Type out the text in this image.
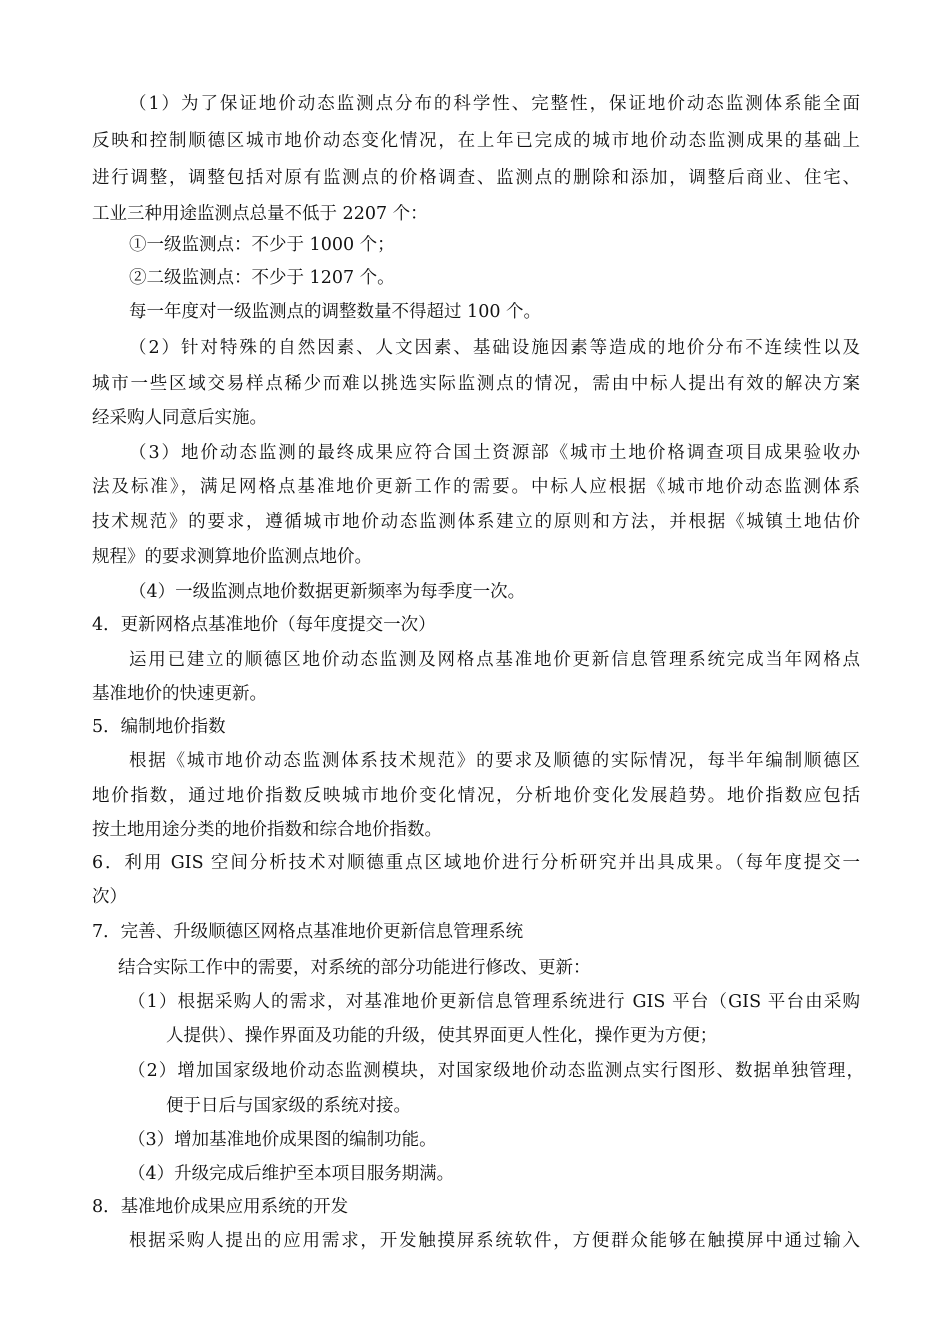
（1）为了保证地价动态监测点分布的科学性、完整性，保证地价动态监测体系能全面

反映和控制顺德区城市地价动态变化情况，在上年已完成的城市地价动态监测成果的基础上

进行调整，调整包括对原有监测点的价格调查、监测点的删除和添加，调整后商业、住宅、

工业三种用途监测点总量不低于 2207 个：

①一级监测点：不少于 1000 个；

②二级监测点：不少于 1207 个。

每一年度对一级监测点的调整数量不得超过 100 个。

（2）针对特殊的自然因素、人文因素、基础设施因素等造成的地价分布不连续性以及

城市一些区域交易样点稀少而难以挑选实际监测点的情况，需由中标人提出有效的解决方案

经采购人同意后实施。

（3）地价动态监测的最终成果应符合国土资源部《城市土地价格调查项目成果验收办

法及标准》，满足网格点基准地价更新工作的需要。中标人应根据《城市地价动态监测体系

技术规范》的要求，遵循城市地价动态监测体系建立的原则和方法，并根据《城镇土地估价

规程》的要求测算地价监测点地价。

（4）一级监测点地价数据更新频率为每季度一次。

4．更新网格点基准地价（每年度提交一次）

运用已建立的顺德区地价动态监测及网格点基准地价更新信息管理系统完成当年网格点

基准地价的快速更新。

5．编制地价指数

根据《城市地价动态监测体系技术规范》的要求及顺德的实际情况，每半年编制顺德区

地价指数，通过地价指数反映城市地价变化情况，分析地价变化发展趋势。地价指数应包括

按土地用途分类的地价指数和综合地价指数。

6．利用 GIS 空间分析技术对顺德重点区域地价进行分析研究并出具成果。（每年度提交一

次）

7．完善、升级顺德区网格点基准地价更新信息管理系统

结合实际工作中的需要，对系统的部分功能进行修改、更新：

（1）根据采购人的需求，对基准地价更新信息管理系统进行 GIS 平台（GIS 平台由采购

人提供）、操作界面及功能的升级，使其界面更人性化，操作更为方便；

（2）增加国家级地价动态监测模块，对国家级地价动态监测点实行图形、数据单独管理，

便于日后与国家级的系统对接。

（3）增加基准地价成果图的编制功能。

（4）升级完成后维护至本项目服务期满。

8．基准地价成果应用系统的开发

根据采购人提出的应用需求，开发触摸屏系统软件，方便群众能够在触摸屏中通过输入
